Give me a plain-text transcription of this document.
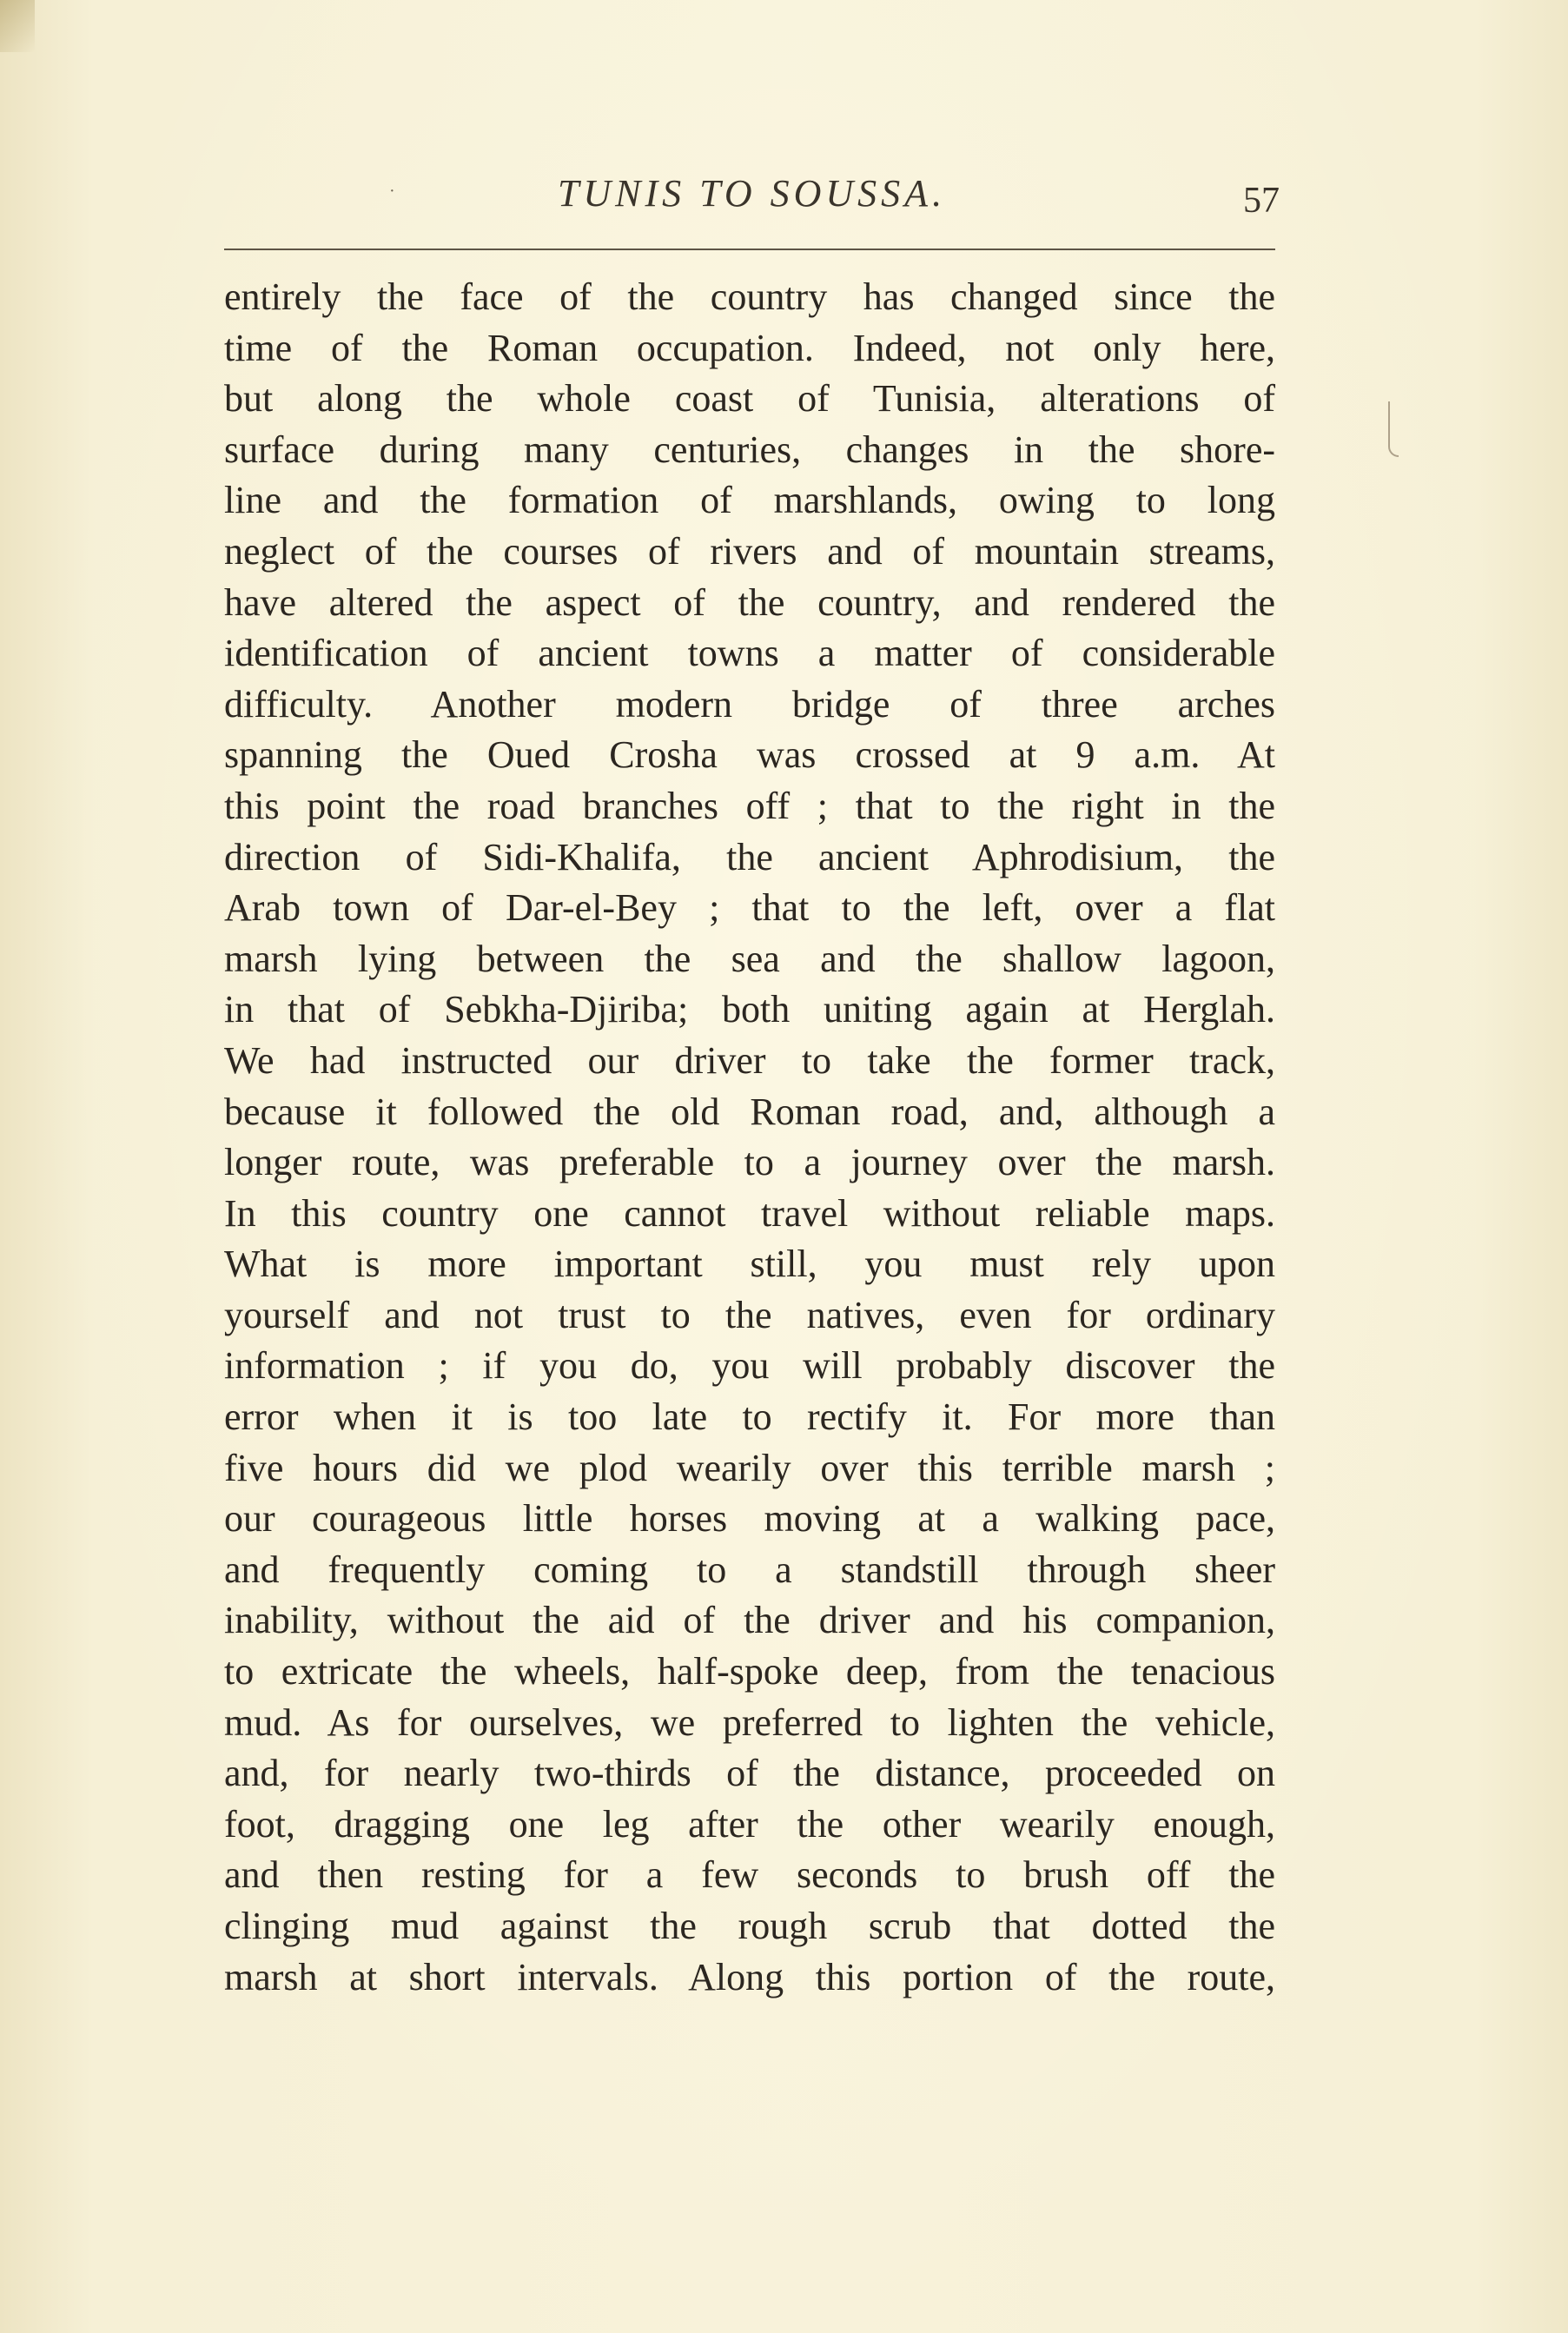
·	TUNIS TO SOUSSA.	57
entirely the face of the country has changed since the
time of the Roman occupation. Indeed, not only here,
but along the whole coast of Tunisia, alterations of
surface during many centuries, changes in the shore-
line and the formation of marshlands, owing to long
neglect of the courses of rivers and of mountain streams,
have altered the aspect of the country, and rendered the
identification of ancient towns a matter of considerable
difficulty. Another modern bridge of three arches
spanning the Oued Crosha was crossed at 9 a.m. At
this point the road branches off ; that to the right in the
direction of Sidi-Khalifa, the ancient Aphrodisium, the
Arab town of Dar-el-Bey ; that to the left, over a flat
marsh lying between the sea and the shallow lagoon,
in that of Sebkha-Djiriba; both uniting again at Herglah.
We had instructed our driver to take the former track,
because it followed the old Roman road, and, although a
longer route, was preferable to a journey over the marsh.
In this country one cannot travel without reliable maps.
What is more important still, you must rely upon
yourself and not trust to the natives, even for ordinary
information ; if you do, you will probably discover the
error when it is too late to rectify it. For more than
five hours did we plod wearily over this terrible marsh ;
our courageous little horses moving at a walking pace,
and frequently coming to a standstill through sheer
inability, without the aid of the driver and his companion,
to extricate the wheels, half-spoke deep, from the tenacious
mud. As for ourselves, we preferred to lighten the vehicle,
and, for nearly two-thirds of the distance, proceeded on
foot, dragging one leg after the other wearily enough,
and then resting for a few seconds to brush off the
clinging mud against the rough scrub that dotted the
marsh at short intervals. Along this portion of the route,
